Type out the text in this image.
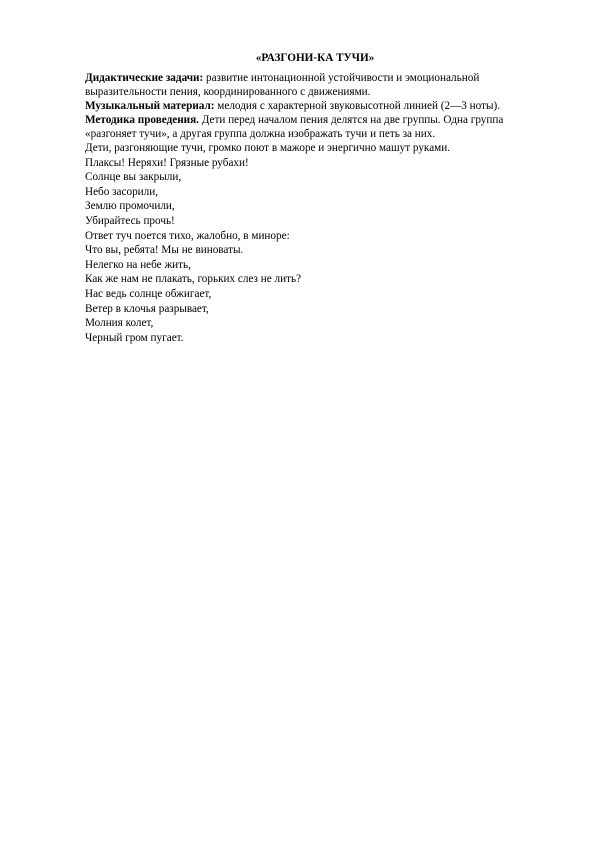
«РАЗГОНИ-КА ТУЧИ»

Дидактические задачи: развитие интонационной устойчивости и эмоциональной

выразительности пения, координированного с движениями.

Музыкальный материал: мелодия с характерной звуковысотной линией (2—3 ноты).

Методика проведения. Дети перед началом пения делятся на две группы. Одна группа

«разгоняет тучи», а другая группа должна изображать тучи и петь за них.

Дети, разгоняющие тучи, громко поют в мажоре и энергично машут руками.
Плаксы! Неряхи! Грязные рубахи!
Солнце вы закрыли,
Небо засорили,
Землю промочили,
Убирайтесь прочь!
Ответ туч поется тихо, жалобно, в миноре:
Что вы, ребята! Мы не виноваты.
Нелегко на небе жить,
Как же нам не плакать, горьких слез не лить?
Нас ведь солнце обжигает,
Ветер в клочья разрывает,
Молния колет,
Черный гром пугает.
